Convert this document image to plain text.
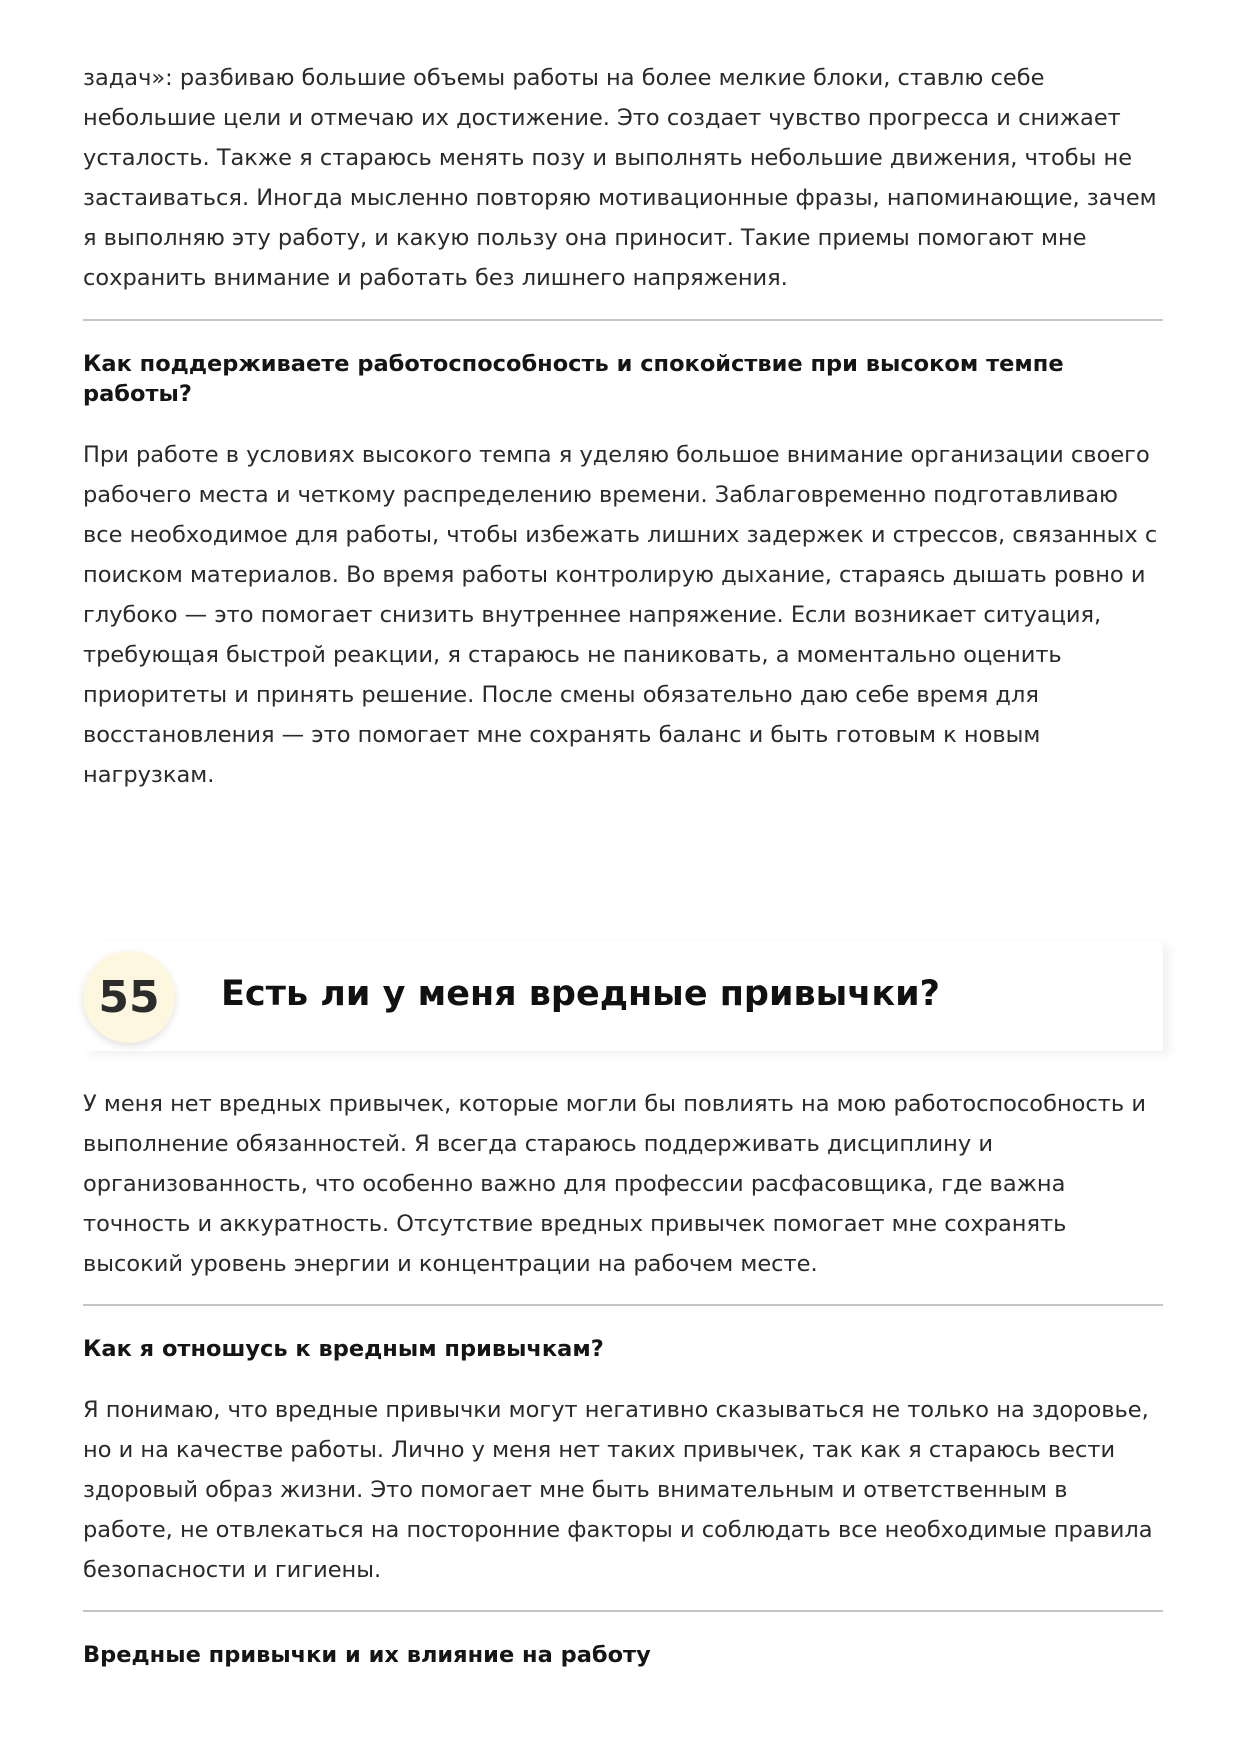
задач»: разбиваю большие объемы работы на более мелкие блоки, ставлю себе небольшие цели и отмечаю их достижение. Это создает чувство прогресса и снижает усталость. Также я стараюсь менять позу и выполнять небольшие движения, чтобы не застаиваться. Иногда мысленно повторяю мотивационные фразы, напоминающие, зачем я выполняю эту работу, и какую пользу она приносит. Такие приемы помогают мне сохранить внимание и работать без лишнего напряжения.

Как поддерживаете работоспособность и спокойствие при высоком темпе работы?

При работе в условиях высокого темпа я уделяю большое внимание организации своего рабочего места и четкому распределению времени. Заблаговременно подготавливаю все необходимое для работы, чтобы избежать лишних задержек и стрессов, связанных с поиском материалов. Во время работы контролирую дыхание, стараясь дышать ровно и глубоко — это помогает снизить внутреннее напряжение. Если возникает ситуация, требующая быстрой реакции, я стараюсь не паниковать, а моментально оценить приоритеты и принять решение. После смены обязательно даю себе время для восстановления — это помогает мне сохранять баланс и быть готовым к новым нагрузкам.

55	Есть ли у меня вредные привычки?

У меня нет вредных привычек, которые могли бы повлиять на мою работоспособность и выполнение обязанностей. Я всегда стараюсь поддерживать дисциплину и организованность, что особенно важно для профессии расфасовщика, где важна точность и аккуратность. Отсутствие вредных привычек помогает мне сохранять высокий уровень энергии и концентрации на рабочем месте.

Как я отношусь к вредным привычкам?

Я понимаю, что вредные привычки могут негативно сказываться не только на здоровье, но и на качестве работы. Лично у меня нет таких привычек, так как я стараюсь вести здоровый образ жизни. Это помогает мне быть внимательным и ответственным в работе, не отвлекаться на посторонние факторы и соблюдать все необходимые правила безопасности и гигиены.

Вредные привычки и их влияние на работу
